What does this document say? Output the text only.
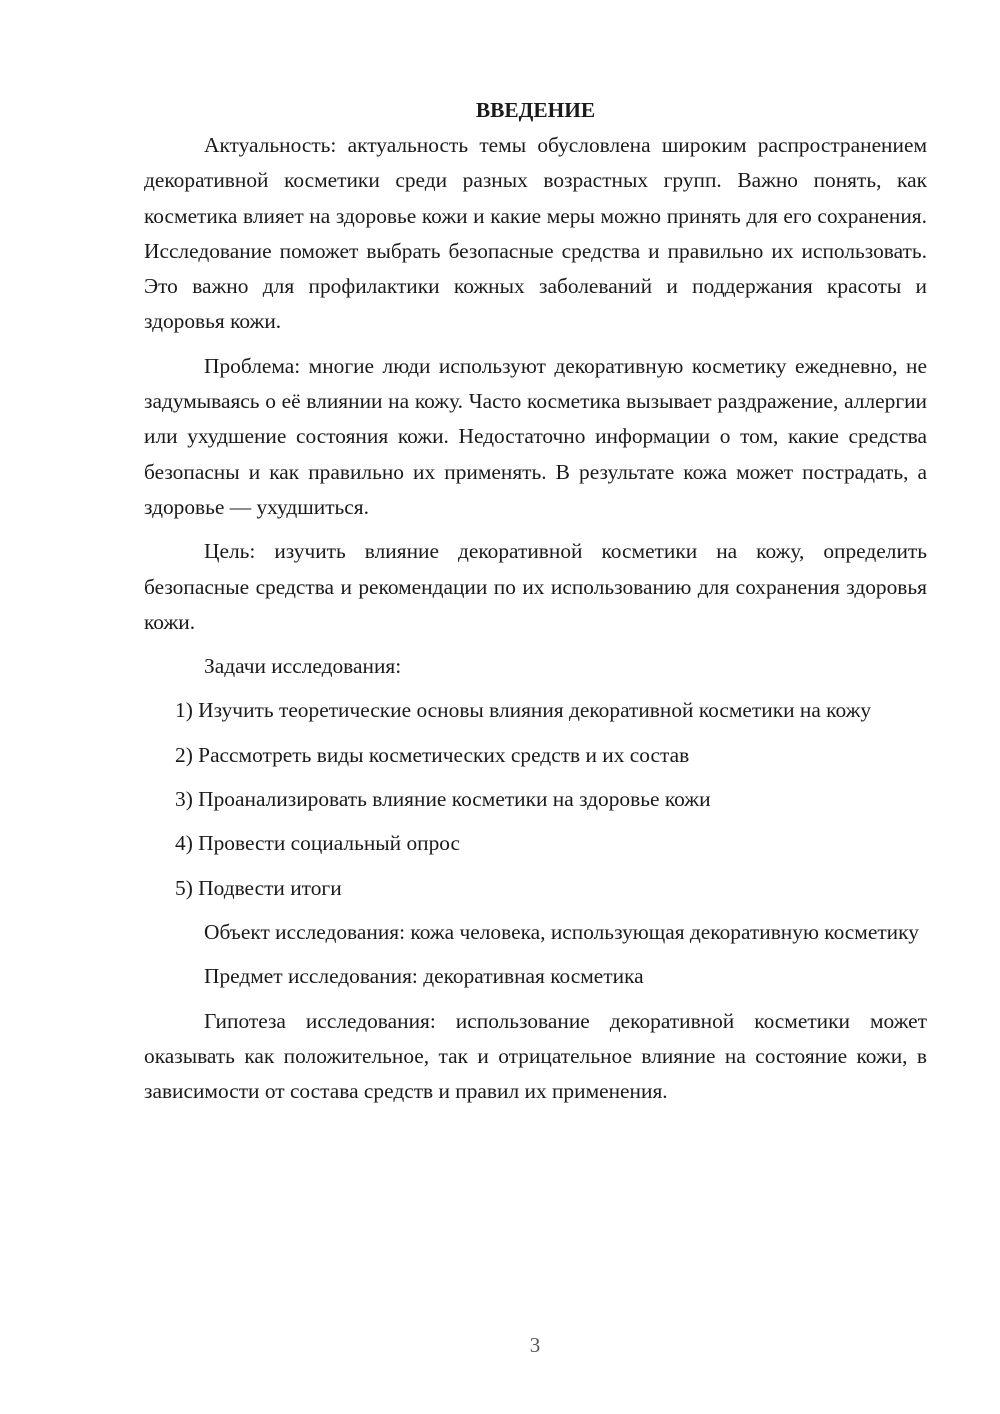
ВВЕДЕНИЕ

Актуальность: актуальность темы обусловлена широким распространением декоративной косметики среди разных возрастных групп. Важно понять, как косметика влияет на здоровье кожи и какие меры можно принять для его сохранения. Исследование поможет выбрать безопасные средства и правильно их использовать. Это важно для профилактики кожных заболеваний и поддержания красоты и здоровья кожи.

Проблема: многие люди используют декоративную косметику ежедневно, не задумываясь о её влиянии на кожу. Часто косметика вызывает раздражение, аллергии или ухудшение состояния кожи. Недостаточно информации о том, какие средства безопасны и как правильно их применять. В результате кожа может пострадать, а здоровье — ухудшиться.

Цель: изучить влияние декоративной косметики на кожу, определить безопасные средства и рекомендации по их использованию для сохранения здоровья кожи.

Задачи исследования:

1) Изучить теоретические основы влияния декоративной косметики на кожу

2) Рассмотреть виды косметических средств и их состав

3) Проанализировать влияние косметики на здоровье кожи

4) Провести социальный опрос

5) Подвести итоги

Объект исследования: кожа человека, использующая декоративную косметику

Предмет исследования: декоративная косметика

Гипотеза исследования: использование декоративной косметики может оказывать как положительное, так и отрицательное влияние на состояние кожи, в зависимости от состава средств и правил их применения.

3
